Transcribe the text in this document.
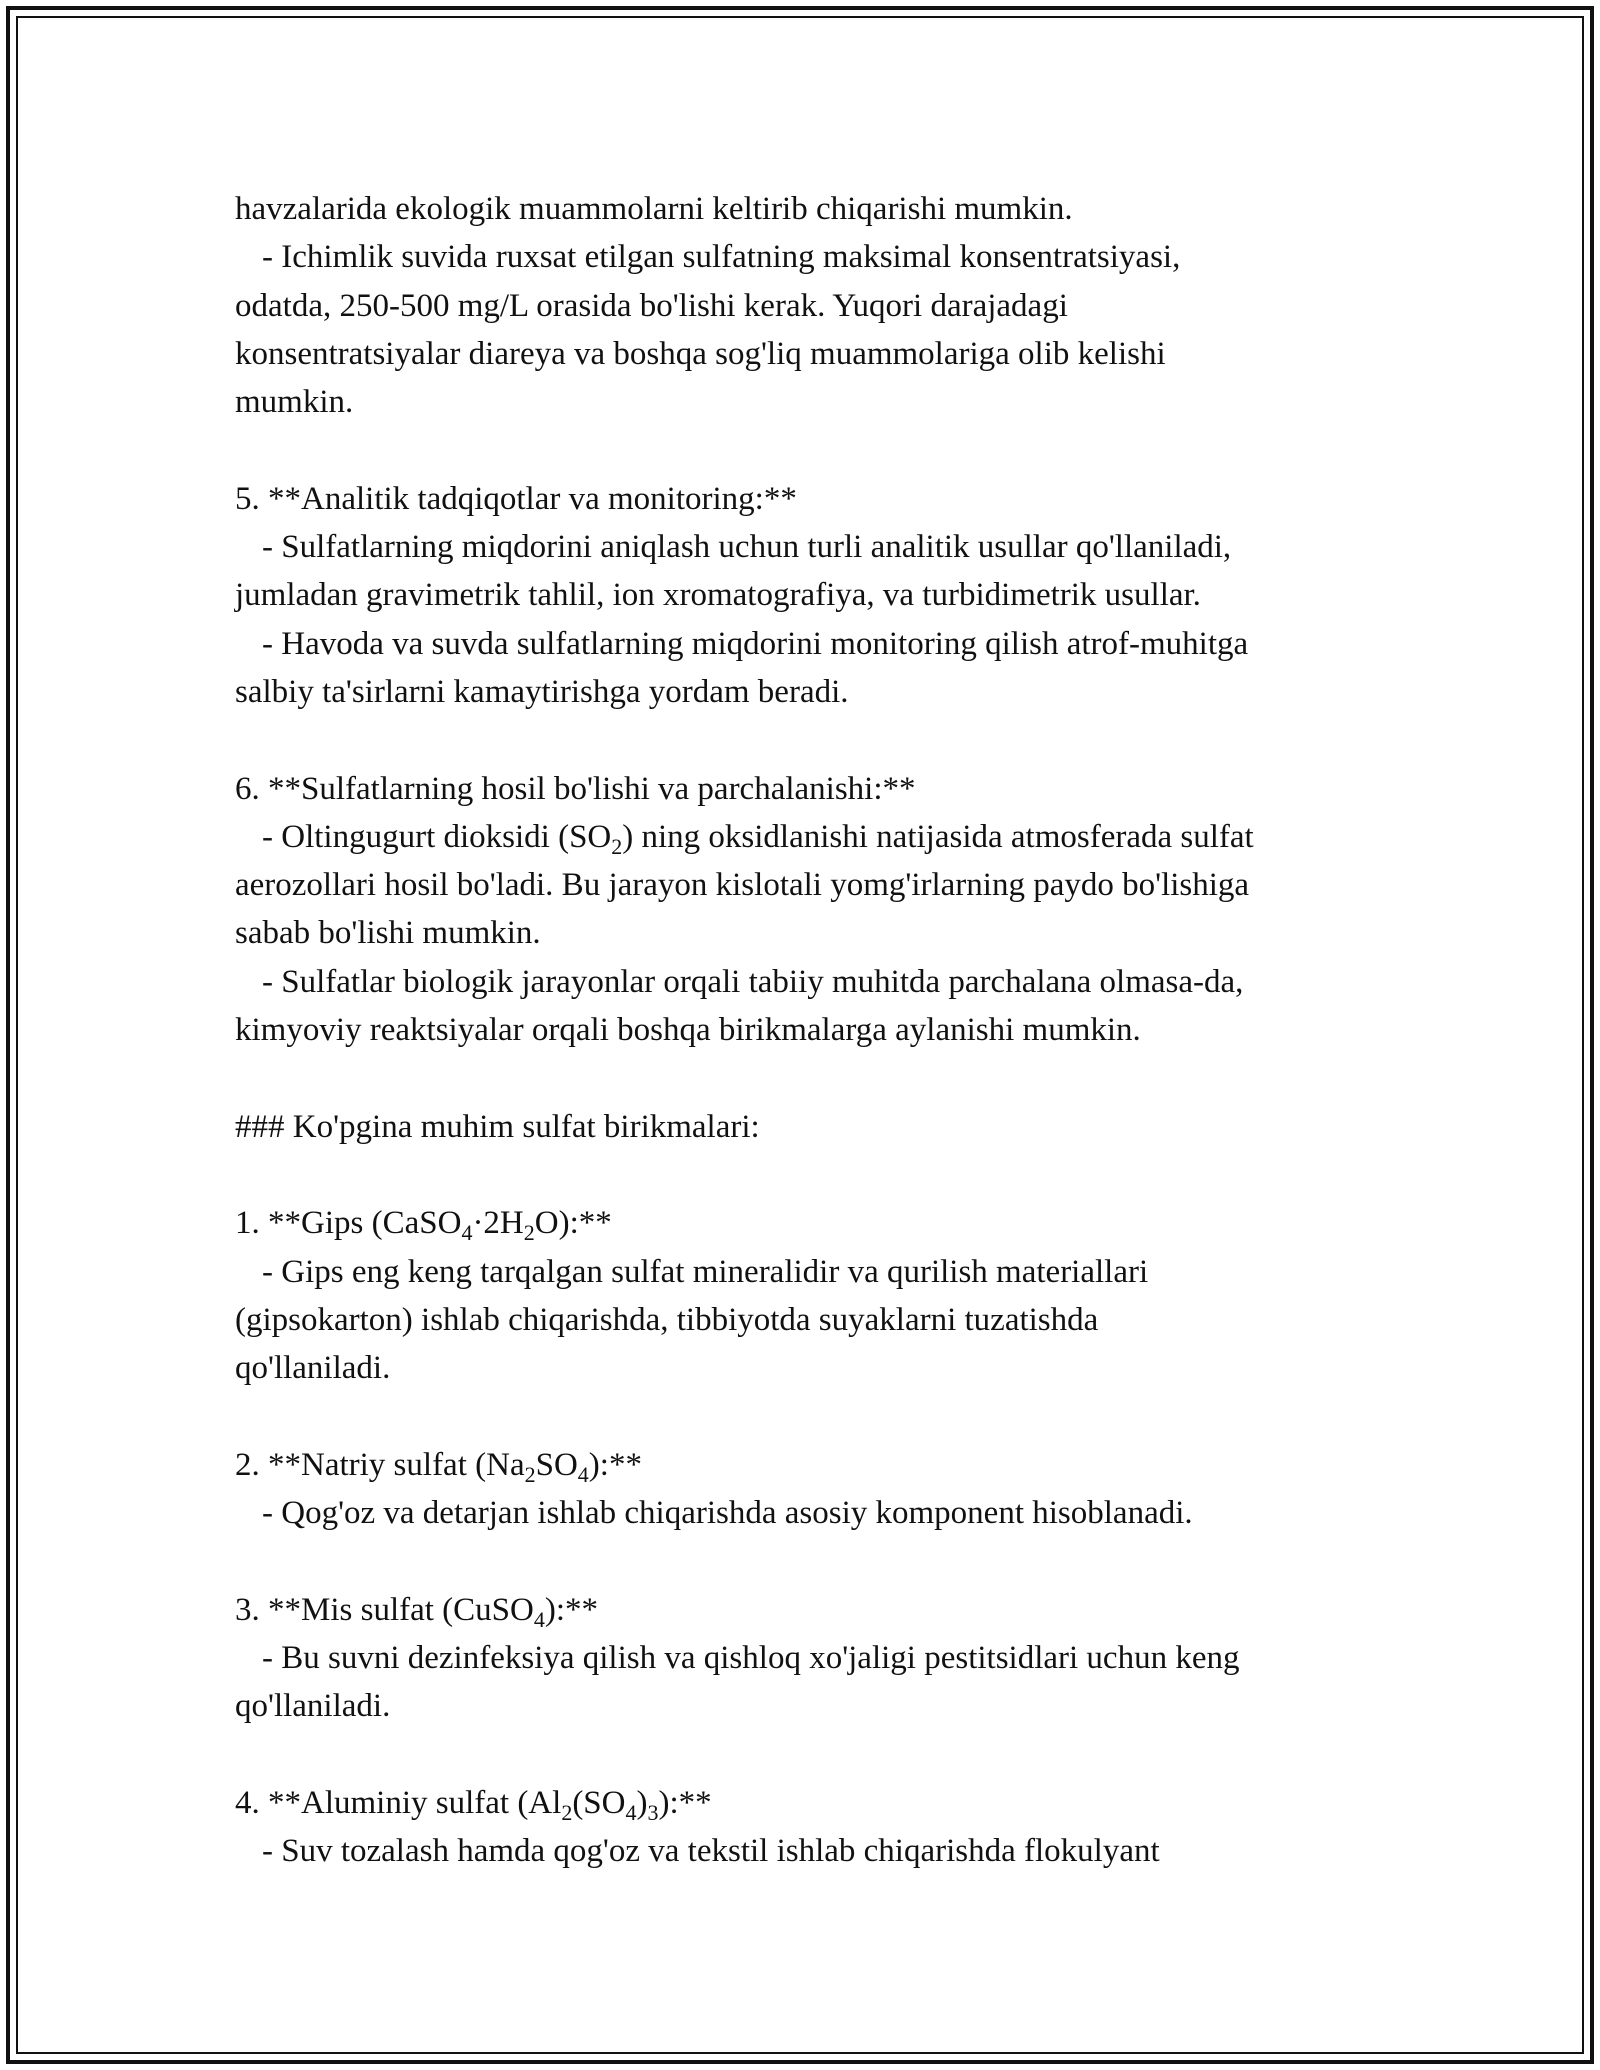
havzalarida ekologik muammolarni keltirib chiqarishi mumkin.
- Ichimlik suvida ruxsat etilgan sulfatning maksimal konsentratsiyasi,
odatda, 250-500 mg/L orasida bo'lishi kerak. Yuqori darajadagi
konsentratsiyalar diareya va boshqa sog'liq muammolariga olib kelishi
mumkin.
5. **Analitik tadqiqotlar va monitoring:**
- Sulfatlarning miqdorini aniqlash uchun turli analitik usullar qo'llaniladi,
jumladan gravimetrik tahlil, ion xromatografiya, va turbidimetrik usullar.
- Havoda va suvda sulfatlarning miqdorini monitoring qilish atrof-muhitga
salbiy ta'sirlarni kamaytirishga yordam beradi.
6. **Sulfatlarning hosil bo'lishi va parchalanishi:**
- Oltingugurt dioksidi $(SO_2)$ ning oksidlanishi natijasida atmosferada sulfat
aerozollari hosil bo'ladi. Bu jarayon kislotali yomg'irlarning paydo bo'lishiga
sabab bo'lishi mumkin.
- Sulfatlar biologik jarayonlar orqali tabiiy muhitda parchalana olmasa-da,
kimyoviy reaktsiyalar orqali boshqa birikmalarga aylanishi mumkin.
### Ko'pgina muhim sulfat birikmalari:
1. **Gips $(CaSO_4\cdot 2H_2O):**$
- Gips eng keng tarqalgan sulfat mineralidir va qurilish materiallari
(gipsokarton) ishlab chiqarishda, tibbiyotda suyaklarni tuzatishda
qo'llaniladi.
2. **Natriy sulfat $(Na_2SO_4):**$
- Qog'oz va detarjan ishlab chiqarishda asosiy komponent hisoblanadi.
3. **Mis sulfat (CuSO$_4$):**
- Bu suvni dezinfeksiya qilish va qishloq xo'jaligi pestitsidlari uchun keng
qo'llaniladi.
4. **Aluminiy sulfat $(Al_2(SO_4)_3):**$
- Suv tozalash hamda qog'oz va tekstil ishlab chiqarishda flokulyant
